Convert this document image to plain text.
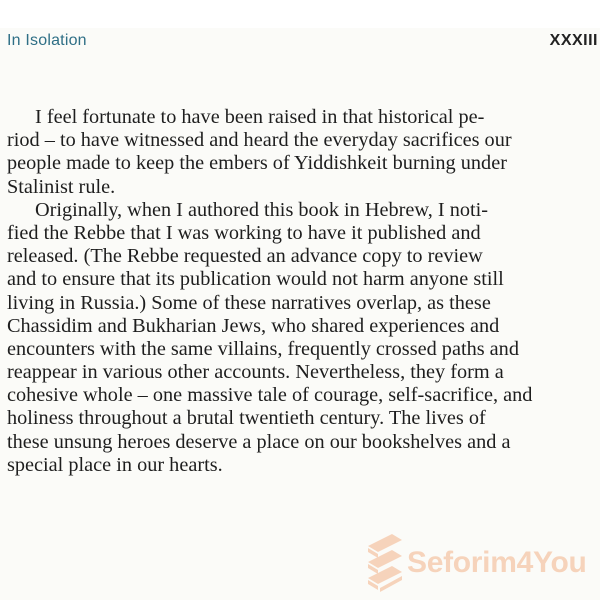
In Isolation	XXXIII
I feel fortunate to have been raised in that historical pe-
riod – to have witnessed and heard the everyday sacrifices our
people made to keep the embers of Yiddishkeit burning under
Stalinist rule.
Originally, when I authored this book in Hebrew, I noti-
fied the Rebbe that I was working to have it published and
released. (The Rebbe requested an advance copy to review
and to ensure that its publication would not harm anyone still
living in Russia.) Some of these narratives overlap, as these
Chassidim and Bukharian Jews, who shared experiences and
encounters with the same villains, frequently crossed paths and
reappear in various other accounts. Nevertheless, they form a
cohesive whole – one massive tale of courage, self-sacrifice, and
holiness throughout a brutal twentieth century. The lives of
these unsung heroes deserve a place on our bookshelves and a
special place in our hearts.
Seforim4You
